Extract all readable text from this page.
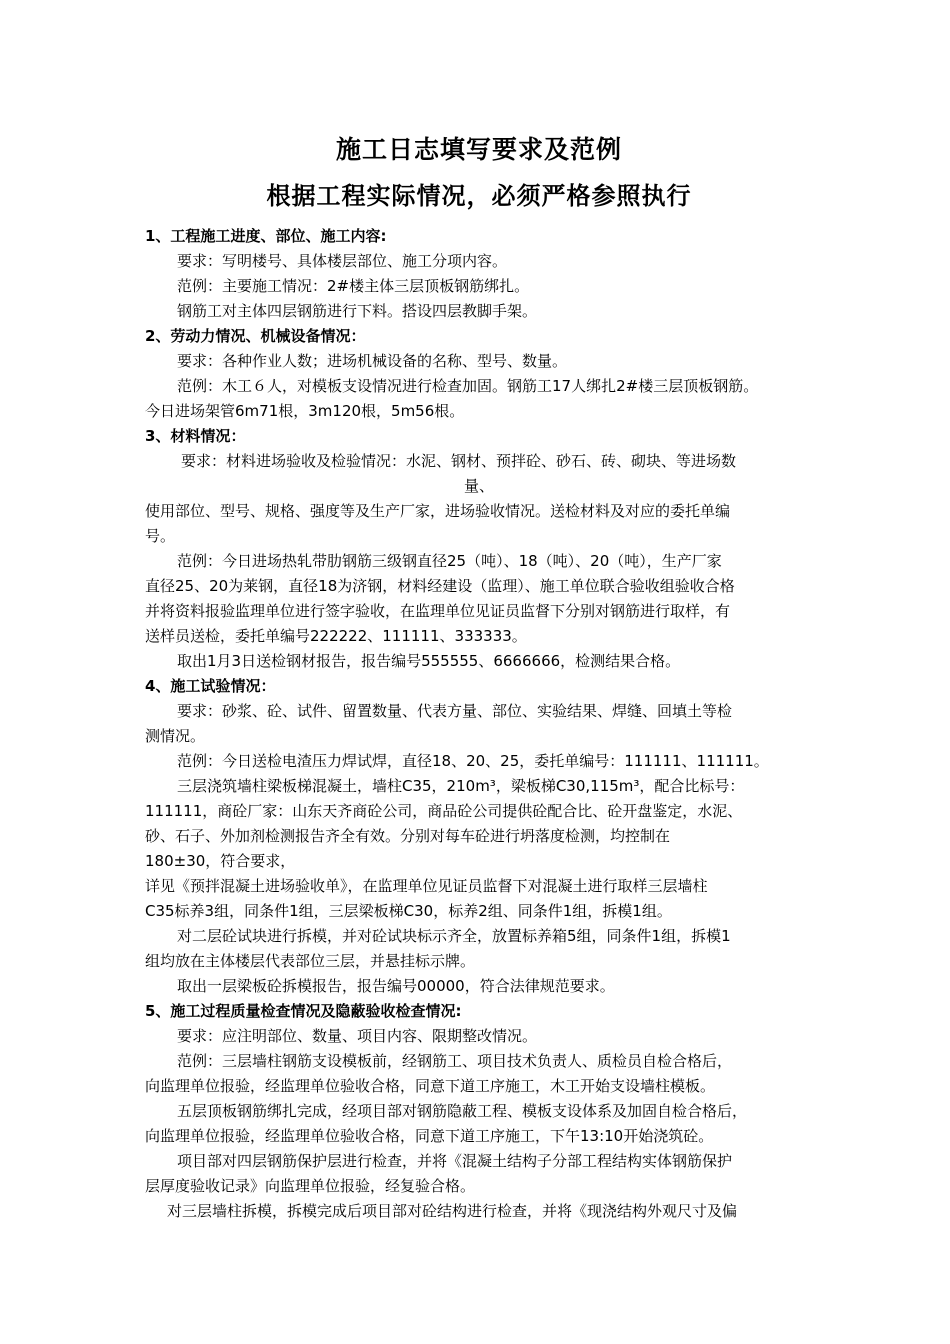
施工日志填写要求及范例
根据工程实际情况，必须严格参照执行

1、工程施工进度、部位、施工内容:

要求：写明楼号、具体楼层部位、施工分项内容。

范例：主要施工情况：2#楼主体三层顶板钢筋绑扎。

钢筋工对主体四层钢筋进行下料。搭设四层教脚手架。

2、劳动力情况、机械设备情况：

要求：各种作业人数；进场机械设备的名称、型号、数量。

范例：木工６人，对模板支设情况进行检查加固。钢筋工17人绑扎2#楼三层顶板钢筋。

今日进场架管6m71根，3m120根，5m56根。

3、材料情况：

要求：材料进场验收及检验情况：水泥、钢材、预拌砼、砂石、砖、砌块、等进场数

量、

使用部位、型号、规格、强度等及生产厂家，进场验收情况。送检材料及对应的委托单编

号。

范例：今日进场热轧带肋钢筋三级钢直径25（吨）、18（吨）、20（吨），生产厂家

直径25、20为莱钢，直径18为济钢，材料经建设（监理）、施工单位联合验收组验收合格

并将资料报验监理单位进行签字验收，在监理单位见证员监督下分别对钢筋进行取样，有

送样员送检，委托单编号222222、111111、333333。

取出1月3日送检钢材报告，报告编号555555、6666666，检测结果合格。

4、施工试验情况：

要求：砂浆、砼、试件、留置数量、代表方量、部位、实验结果、焊缝、回填土等检

测情况。

范例：今日送检电渣压力焊试焊，直径18、20、25，委托单编号：111111、111111。

三层浇筑墙柱梁板梯混凝土，墙柱C35，210m³，梁板梯C30,115m³，配合比标号：

111111，商砼厂家：山东天齐商砼公司，商品砼公司提供砼配合比、砼开盘鉴定，水泥、

砂、石子、外加剂检测报告齐全有效。分别对每车砼进行坍落度检测，均控制在

180±30，符合要求，

详见《预拌混凝土进场验收单》，在监理单位见证员监督下对混凝土进行取样三层墙柱

C35标养3组，同条件1组，三层梁板梯C30，标养2组、同条件1组，拆模1组。

对二层砼试块进行拆模，并对砼试块标示齐全，放置标养箱5组，同条件1组，拆模1

组均放在主体楼层代表部位三层，并悬挂标示牌。

取出一层梁板砼拆模报告，报告编号00000，符合法律规范要求。

5、施工过程质量检查情况及隐蔽验收检查情况:

要求：应注明部位、数量、项目内容、限期整改情况。

范例：三层墙柱钢筋支设模板前，经钢筋工、项目技术负责人、质检员自检合格后，

向监理单位报验，经监理单位验收合格，同意下道工序施工，木工开始支设墙柱模板。

五层顶板钢筋绑扎完成，经项目部对钢筋隐蔽工程、模板支设体系及加固自检合格后，

向监理单位报验，经监理单位验收合格，同意下道工序施工，下午13:10开始浇筑砼。

项目部对四层钢筋保护层进行检查，并将《混凝土结构子分部工程结构实体钢筋保护

层厚度验收记录》向监理单位报验，经复验合格。

对三层墙柱拆模，拆模完成后项目部对砼结构进行检查，并将《现浇结构外观尺寸及偏
